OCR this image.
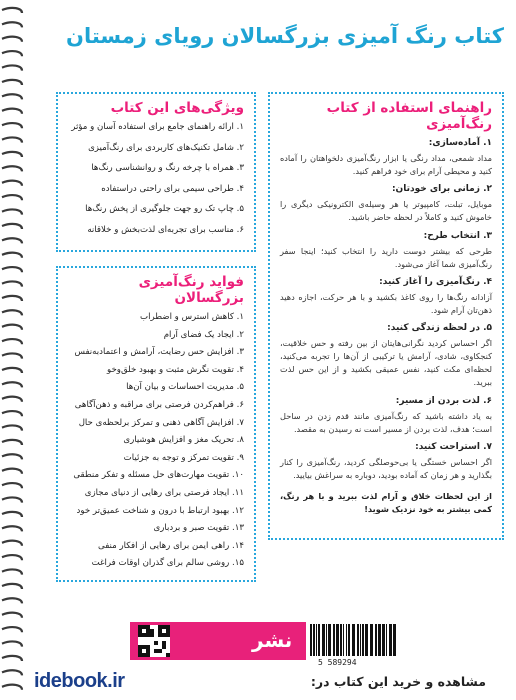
کتاب رنگ آمیزی بزرگسالان رویای زمستان
راهنمای استفاده از کتاب رنگ‌آمیزی
۱. آماده‌سازی:

مداد شمعی، مداد رنگی یا ابزار رنگ‌آمیزی دلخواهتان را آماده کنید و محیطی آرام برای خود فراهم کنید.

۲. زمانی برای خودتان:

موبایل، تبلت، کامپیوتر یا هر وسیله‌ی الکترونیکی دیگری را خاموش کنید و کاملاً در لحظه حاضر باشید.

۳. انتخاب طرح:

طرحی که بیشتر دوست دارید را انتخاب کنید؛ اینجا سفر رنگ‌آمیزی شما آغاز می‌شود.

۴. رنگ‌آمیزی را آغاز کنید:

آزادانه رنگ‌ها را روی کاغذ بکشید و با هر حرکت، اجازه دهید ذهن‌تان آرام شود.

۵. در لحظه زندگی کنید:

اگر احساس کردید نگرانی‌هایتان از بین رفته و حس خلاقیت، کنجکاوی، شادی، آرامش یا ترکیبی از آن‌ها را تجربه می‌کنید، لحظه‌ای مکث کنید، نفس عمیقی بکشید و از این حس لذت ببرید.

۶. لذت بردن از مسیر:

به یاد داشته باشید که رنگ‌آمیزی مانند قدم زدن در ساحل است؛ هدف، لذت بردن از مسیر است نه رسیدن به مقصد.

۷. استراحت کنید:

اگر احساس خستگی یا بی‌حوصلگی کردید، رنگ‌آمیزی را کنار بگذارید و هر زمان که آماده بودید، دوباره به سراغش بیایید.

از این لحظات خلاق و آرام لذت ببرید و با هر رنگ، کمی بیشتر به خود نزدیک شوید!

ویژگی‌های این کتاب
۱. ارائه راهنمای جامع برای استفاده آسان و مؤثر
۲. شامل تکنیک‌های کاربردی برای رنگ‌آمیزی
۳. همراه با چرخه رنگ و روانشناسی رنگ‌ها
۴. طراحی سیمی برای راحتی دراستفاده
۵. چاپ تک رو جهت جلوگیری از پخش رنگ‌ها
۶. مناسب برای تجربه‌ای لذت‌بخش و خلاقانه
فواید رنگ‌آمیزی بزرگسالان
۱. کاهش استرس و اضطراب
۲. ایجاد یک فضای آرام
۳. افزایش حس رضایت، آرامش و اعتمادبه‌نفس
۴. تقویت نگرش مثبت و بهبود خلق‌وخو
۵. مدیریت احساسات و بیان آن‌ها
۶. فراهم‌کردن فرصتی برای مراقبه و ذهن‌آگاهی
۷. افزایش آگاهی ذهنی و تمرکز برلحظه‌ی حال
۸. تحریک مغز و افزایش هوشیاری
۹. تقویت تمرکز و توجه به جزئیات
۱۰. تقویت مهارت‌های حل مسئله و تفکر منطقی
۱۱. ایجاد فرصتی برای رهایی از دنیای مجازی
۱۲. بهبود ارتباط با درون و شناخت عمیق‌تر خود
۱۳. تقویت صبر و بردباری
۱۴. راهی ایمن برای رهایی از افکار منفی
۱۵. روشی سالم برای گذران اوقات فراغت
نشر
5 589294
idebook.ir	مشاهده و خرید این کتاب در:
